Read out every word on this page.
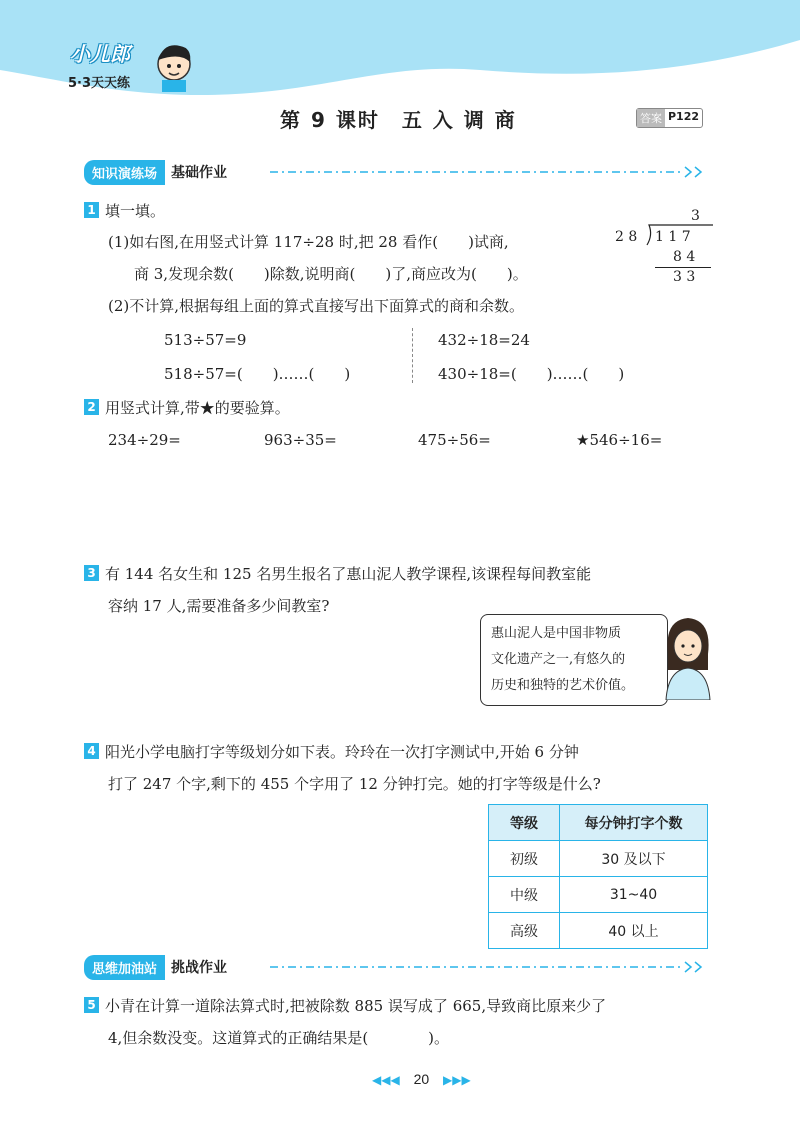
小儿郎
5·3天天练
第 9 课时　五 入 调 商	答案 P122
知识演练场	基础作业
1 填一填。
(1)如右图,在用竖式计算 117÷28 时,把 28 看作(　　)试商,
商 3,发现余数(　　)除数,说明商(　　)了,商应改为(　　)。
3
2 8 1 1 7
8 4
3 3
(2)不计算,根据每组上面的算式直接写出下面算式的商和余数。
513÷57=9
518÷57=(　　)……(　　)
432÷18=24
430÷18=(　　)……(　　)
2 用竖式计算,带★的要验算。
234÷29=	963÷35=	475÷56=	★546÷16=
3 有 144 名女生和 125 名男生报名了惠山泥人教学课程,该课程每间教室能
容纳 17 人,需要准备多少间教室?
惠山泥人是中国非物质
文化遗产之一,有悠久的
历史和独特的艺术价值。
4 阳光小学电脑打字等级划分如下表。玲玲在一次打字测试中,开始 6 分钟
打了 247 个字,剩下的 455 个字用了 12 分钟打完。她的打字等级是什么?
等级	每分钟打字个数
初级	30 及以下
中级	31~40
高级	40 以上
思维加油站	挑战作业
5 小青在计算一道除法算式时,把被除数 885 误写成了 665,导致商比原来少了
4,但余数没变。这道算式的正确结果是(　　　　)。
◀◀◀ 20 ▶▶▶
